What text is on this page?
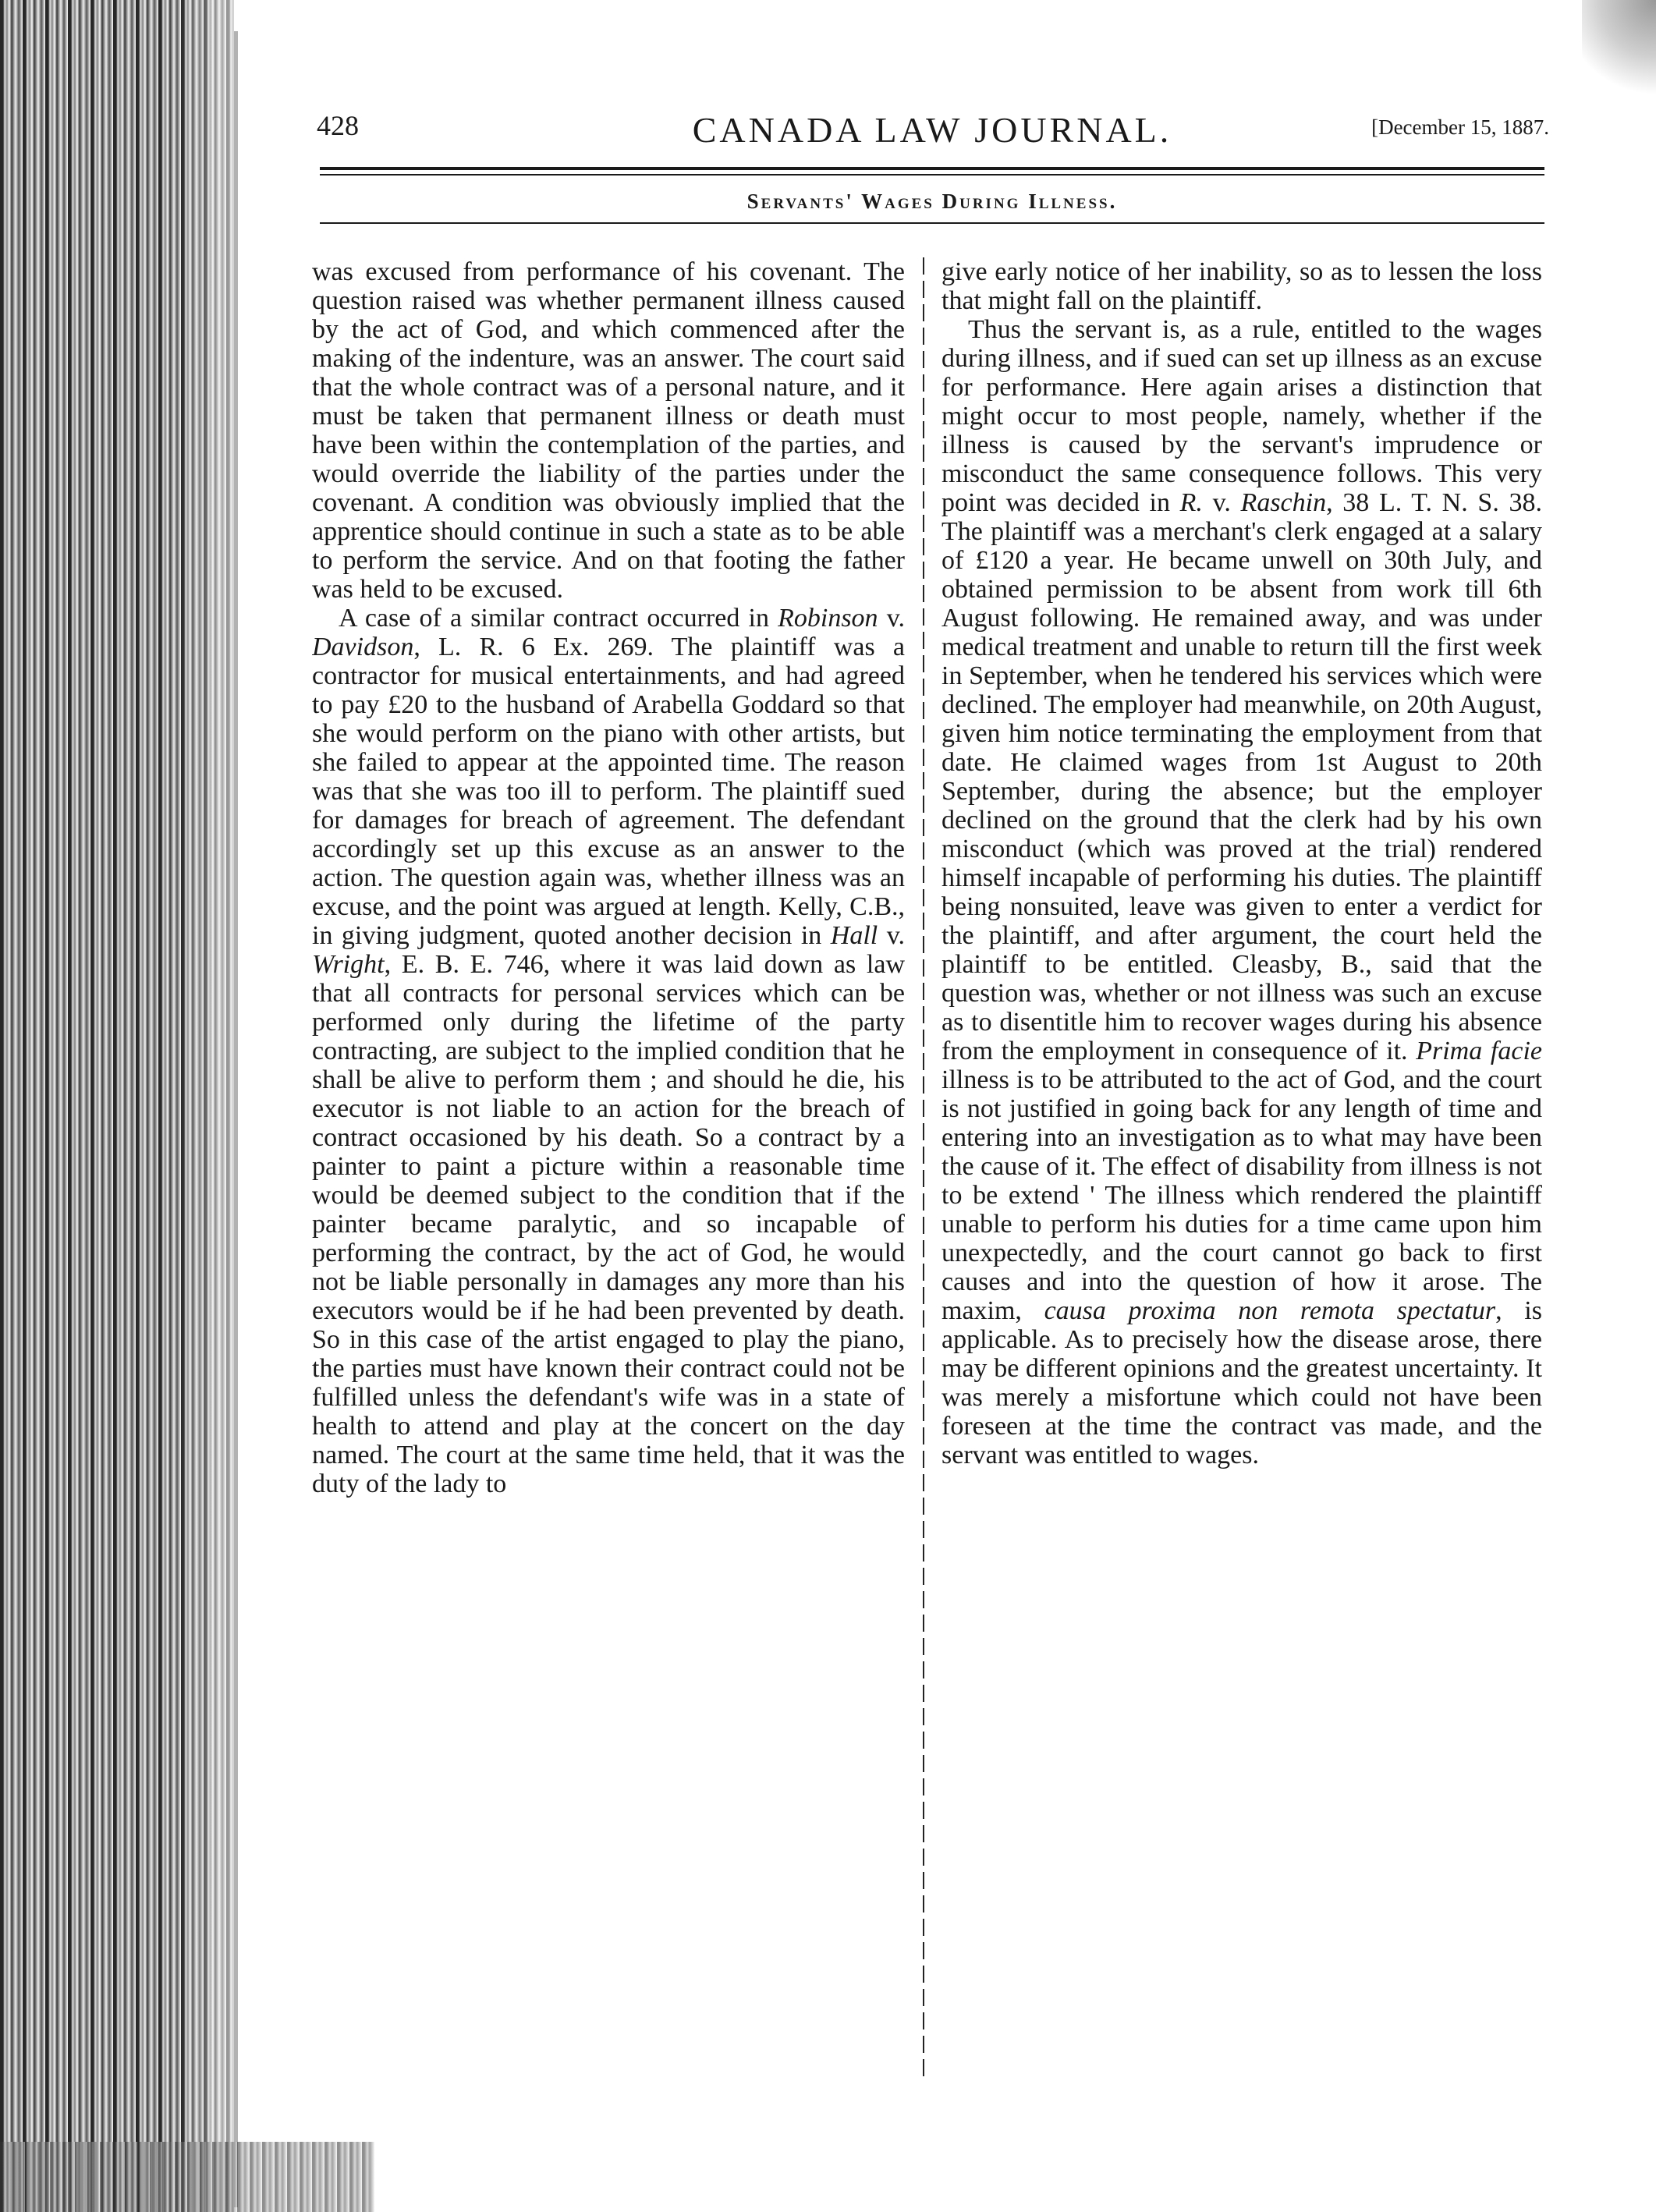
428	CANADA LAW JOURNAL.	[December 15, 1887.
Servants' Wages During Illness.

was excused from performance of his covenant. The question raised was whether permanent illness caused by the act of God, and which commenced after the making of the indenture, was an answer. The court said that the whole contract was of a personal nature, and it must be taken that permanent illness or death must have been within the contemplation of the parties, and would override the liability of the parties under the covenant. A condition was obviously implied that the apprentice should continue in such a state as to be able to perform the service. And on that footing the father was held to be excused.

A case of a similar contract occurred in Robinson v. Davidson, L. R. 6 Ex. 269. The plaintiff was a contractor for musical entertainments, and had agreed to pay £20 to the husband of Arabella Goddard so that she would perform on the piano with other artists, but she failed to appear at the appointed time. The reason was that she was too ill to perform. The plaintiff sued for damages for breach of agreement. The defendant accordingly set up this excuse as an answer to the action. The question again was, whether illness was an excuse, and the point was argued at length. Kelly, C.B., in giving judgment, quoted another decision in Hall v. Wright, E. B. E. 746, where it was laid down as law that all contracts for personal services which can be performed only during the lifetime of the party contracting, are subject to the implied condition that he shall be alive to perform them ; and should he die, his executor is not liable to an action for the breach of contract occasioned by his death. So a contract by a painter to paint a picture within a reasonable time would be deemed subject to the condition that if the painter became paralytic, and so incapable of performing the contract, by the act of God, he would not be liable personally in damages any more than his executors would be if he had been prevented by death. So in this case of the artist engaged to play the piano, the parties must have known their contract could not be fulfilled unless the defendant's wife was in a state of health to attend and play at the concert on the day named. The court at the same time held, that it was the duty of the lady to

give early notice of her inability, so as to lessen the loss that might fall on the plaintiff.

Thus the servant is, as a rule, entitled to the wages during illness, and if sued can set up illness as an excuse for performance. Here again arises a distinction that might occur to most people, namely, whether if the illness is caused by the servant's imprudence or misconduct the same consequence follows. This very point was decided in R. v. Raschin, 38 L. T. N. S. 38. The plaintiff was a merchant's clerk engaged at a salary of £120 a year. He became unwell on 30th July, and obtained permission to be absent from work till 6th August following. He remained away, and was under medical treatment and unable to return till the first week in September, when he tendered his services which were declined. The employer had meanwhile, on 20th August, given him notice terminating the employment from that date. He claimed wages from 1st August to 20th September, during the absence; but the employer declined on the ground that the clerk had by his own misconduct (which was proved at the trial) rendered himself incapable of performing his duties. The plaintiff being nonsuited, leave was given to enter a verdict for the plaintiff, and after argument, the court held the plaintiff to be entitled. Cleasby, B., said that the question was, whether or not illness was such an excuse as to disentitle him to recover wages during his absence from the employment in consequence of it. Prima facie illness is to be attributed to the act of God, and the court is not justified in going back for any length of time and entering into an investigation as to what may have been the cause of it. The effect of disability from illness is not to be extend ' The illness which rendered the plaintiff unable to perform his duties for a time came upon him unexpectedly, and the court cannot go back to first causes and into the question of how it arose. The maxim, causa proxima non remota spectatur, is applicable. As to precisely how the disease arose, there may be different opinions and the greatest uncertainty. It was merely a misfortune which could not have been foreseen at the time the contract vas made, and the servant was entitled to wages.
